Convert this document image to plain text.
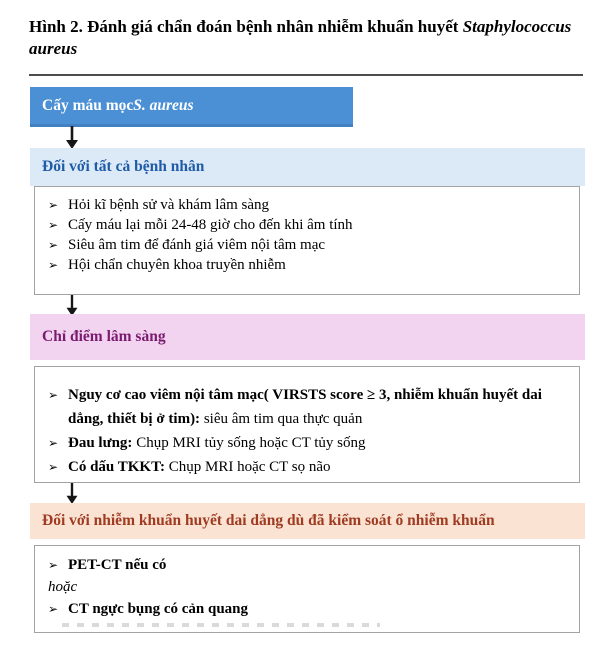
Hình 2. Đánh giá chẩn đoán bệnh nhân nhiễm khuẩn huyết Staphylococcus aureus
Cấy máu mọc S. aureus
Đối với tất cả bệnh nhân
➢ Hỏi kĩ bệnh sử và khám lâm sàng
➢ Cấy máu lại mỗi 24-48 giờ cho đến khi âm tính
➢ Siêu âm tim để đánh giá viêm nội tâm mạc
➢ Hội chẩn chuyên khoa truyền nhiễm
Chỉ điểm lâm sàng
➢ Nguy cơ cao viêm nội tâm mạc( VIRSTS score ≥ 3, nhiễm khuẩn huyết dai dẳng, thiết bị ở tim): siêu âm tim qua thực quản
➢ Đau lưng: Chụp MRI tủy sống hoặc CT tủy sống
➢ Có dấu TKKT: Chụp MRI hoặc CT sọ não
Đối với nhiễm khuẩn huyết dai dẳng dù đã kiểm soát ổ nhiễm khuẩn
➢ PET-CT nếu có
hoặc
➢ CT ngực bụng có cản quang
